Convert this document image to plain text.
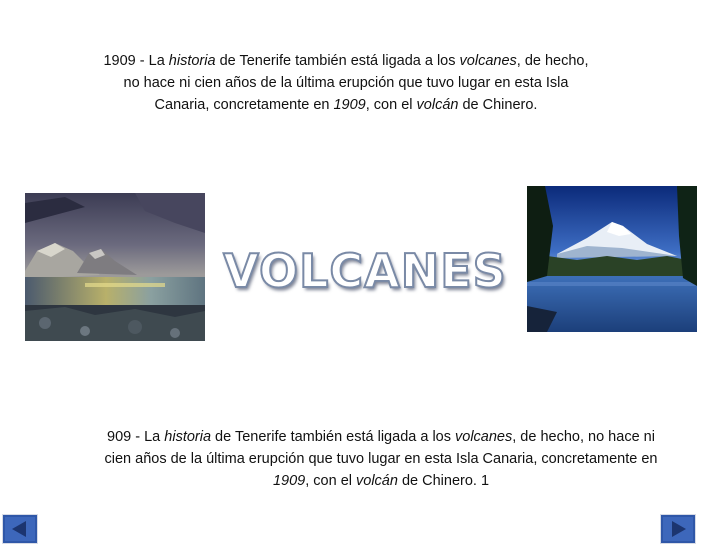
1909 - La historia de Tenerife también está ligada a los volcanes, de hecho, no hace ni cien años de la última erupción que tuvo lugar en esta Isla Canaria, concretamente en 1909, con el volcán de Chinero.
VOLCANES
909 - La historia de Tenerife también está ligada a los volcanes, de hecho, no hace ni cien años de la última erupción que tuvo lugar en esta Isla Canaria, concretamente en 1909, con el volcán de Chinero. 1
